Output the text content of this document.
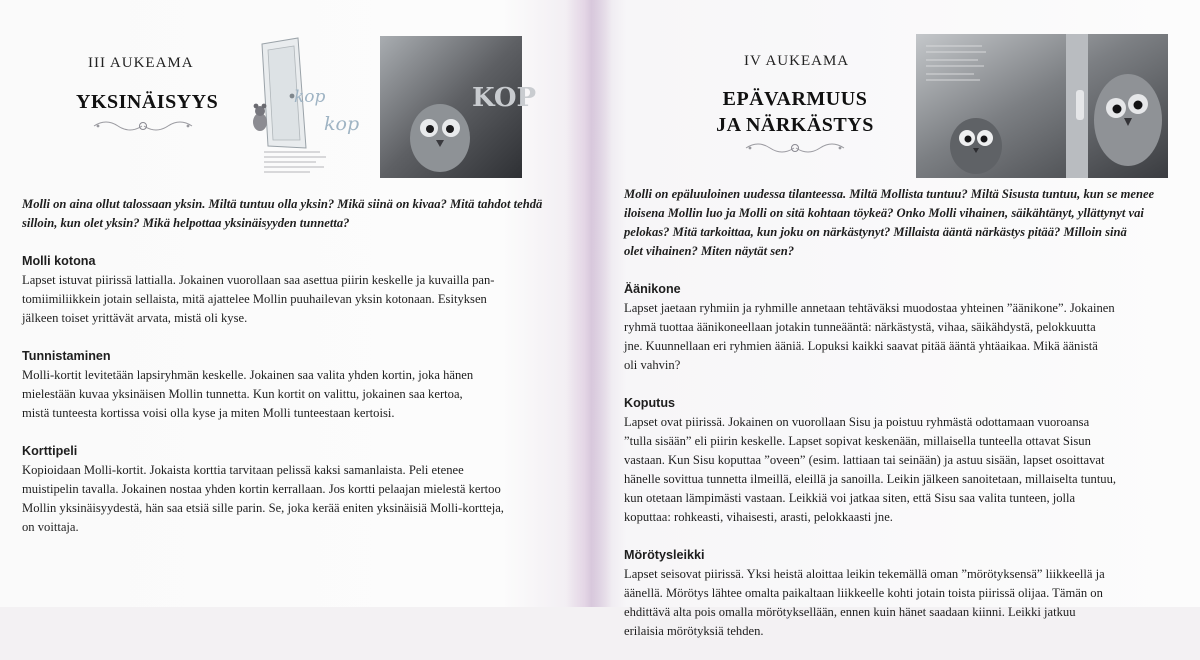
III AUKEAMA
YKSINÄISYYS	kop
kop
KOP
Molli on aina ollut talossaan yksin. Miltä tuntuu olla yksin? Mikä siinä on kivaa? Mitä tahdot tehdä
silloin, kun olet yksin? Mikä helpottaa yksinäisyyden tunnetta?
Molli kotona

Lapset istuvat piirissä lattialla. Jokainen vuorollaan saa asettua piirin keskelle ja kuvailla pan-
tomiimiliikkein jotain sellaista, mitä ajattelee Mollin puuhailevan yksin kotonaan. Esityksen
jälkeen toiset yrittävät arvata, mistä oli kyse.

Tunnistaminen

Molli-kortit levitetään lapsiryhmän keskelle. Jokainen saa valita yhden kortin, joka hänen
mielestään kuvaa yksinäisen Mollin tunnetta. Kun kortit on valittu, jokainen saa kertoa,
mistä tunteesta kortissa voisi olla kyse ja miten Molli tunteestaan kertoisi.

Korttipeli

Kopioidaan Molli-kortit. Jokaista korttia tarvitaan pelissä kaksi samanlaista. Peli etenee
muistipelin tavalla. Jokainen nostaa yhden kortin kerrallaan. Jos kortti pelaajan mielestä kertoo
Mollin yksinäisyydestä, hän saa etsiä sille parin. Se, joka kerää eniten yksinäisiä Molli-kortteja,
on voittaja.

IV AUKEAMA
EPÄVARMUUS
JA NÄRKÄSTYS
Molli on epäluuloinen uudessa tilanteessa. Miltä Mollista tuntuu? Miltä Sisusta tuntuu, kun se menee
iloisena Mollin luo ja Molli on sitä kohtaan töykeä? Onko Molli vihainen, säikähtänyt, yllättynyt vai
pelokas? Mitä tarkoittaa, kun joku on närkästynyt? Millaista ääntä närkästys pitää? Milloin sinä
olet vihainen? Miten näytät sen?
Äänikone

Lapset jaetaan ryhmiin ja ryhmille annetaan tehtäväksi muodostaa yhteinen ”äänikone”. Jokainen
ryhmä tuottaa äänikoneellaan jotakin tunneääntä: närkästystä, vihaa, säikähdystä, pelokkuutta
jne. Kuunnellaan eri ryhmien ääniä. Lopuksi kaikki saavat pitää ääntä yhtäaikaa. Mikä äänistä
oli vahvin?

Koputus

Lapset ovat piirissä. Jokainen on vuorollaan Sisu ja poistuu ryhmästä odottamaan vuoroansa
”tulla sisään” eli piirin keskelle. Lapset sopivat keskenään, millaisella tunteella ottavat Sisun
vastaan. Kun Sisu koputtaa ”oveen” (esim. lattiaan tai seinään) ja astuu sisään, lapset osoittavat
hänelle sovittua tunnetta ilmeillä, eleillä ja sanoilla. Leikin jälkeen sanoitetaan, millaiselta tuntuu,
kun otetaan lämpimästi vastaan. Leikkiä voi jatkaa siten, että Sisu saa valita tunteen, jolla
koputtaa: rohkeasti, vihaisesti, arasti, pelokkaasti jne.

Mörötysleikki

Lapset seisovat piirissä. Yksi heistä aloittaa leikin tekemällä oman ”mörötyksensä” liikkeellä ja
äänellä. Mörötys lähtee omalta paikaltaan liikkeelle kohti jotain toista piirissä olijaa. Tämän on
ehdittävä alta pois omalla mörötyksellään, ennen kuin hänet saadaan kiinni. Leikki jatkuu
erilaisia mörötyksiä tehden.
